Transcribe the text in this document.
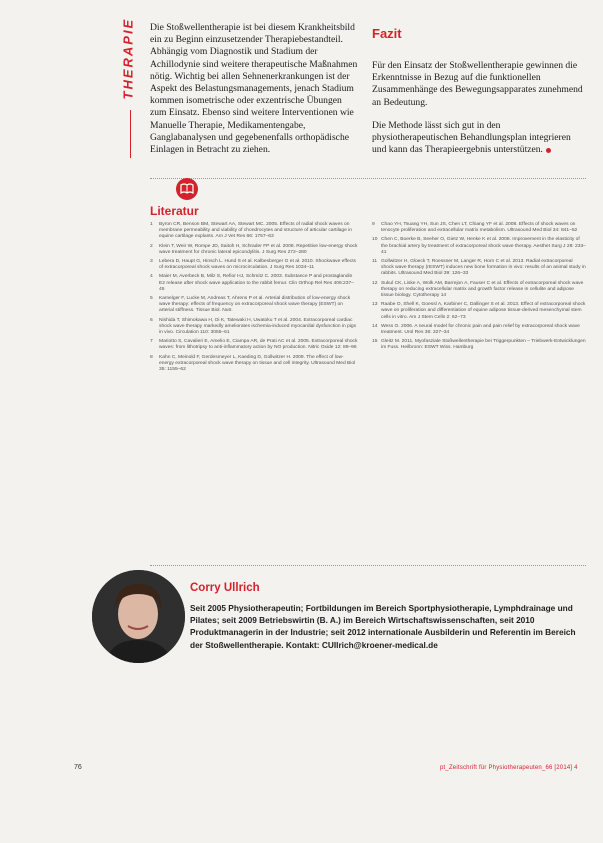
THERAPIE Die Stoßwellentherapie ist bei diesem Krankheitsbild ein zu Beginn einzusetzender Therapiebestandteil. Abhängig vom Diagnostik und Stadium der Achillodynie sind weitere therapeutische Maßnahmen nötig. Wichtig bei allen Sehnenerkrankungen ist der Aspekt des Belastungsmanagements, jenach Stadium kommen isometrische oder exzentrische Übungen zum Einsatz. Ebenso sind weitere Interventionen wie Manuelle Therapie, Medikamentengabe, Ganglabanalysen und gegebenenfalls orthopädische Einlagen in Betracht zu ziehen.
Fazit

Für den Einsatz der Stoßwellentherapie gewinnen die Erkenntnisse in Bezug auf die funktionellen Zusammenhänge des Bewegungsapparates zunehmend an Bedeutung.

Die Methode lässt sich gut in den physiotherapeutischen Behandlungsplan integrieren und kann das Therapieergebnis unterstützen.

Literatur
1	Byron CR, Benson BM, Stewart AA, Stewart MC. 2005. Effects of radial shock waves on membrane permeability and viability of chondrocytes and structure of articular cartilage in equine cartilage explants. Am J Vet Res 66: 1757–63
2	Klein T, Weir W, Rompe JD, Saitoh H, Schrader FP et al. 2008. Repetitive low-energy shock wave treatment for chronic lateral epicondylitis. J Surg Res 272–280
3	Lebera D, Haupt G, Hinsch L. Hund S et al. Kalbesberger G et al. 2010. Shockwave effects of extracorporeal shock waves on microcirculation. J Surg Res 1034–11
4	Maier M, Averbeck B, Milz S, Refior HJ, Schmitz C. 2003. Substance P and prostaglandin E2 release after shock wave application to the rabbit femur. Clin Orthop Rel Res 406:237–45
5	Kamelger F, Lucke M, Andreas T, Ahrens P et al. Arterial distribution of low-energy shock wave therapy: effects of frequency on extracorporeal shock wave therapy (ESWT) on arterial stiffness. Tissue Biol. Nutr.
6	Nishida T, Shimokawa H, Oi K, Tatewaki H, Uwatoku T et al. 2004. Extracorporeal cardiac shock wave therapy markedly ameliorates ischemia-induced myocardial dysfunction in pigs in vivo. Circulation 110: 3055–61
7	Mariotto S, Cavalieri E, Amelio E, Ciampa AR, de Prati AC et al. 2005. Extracorporeal shock waves: from lithotripsy to anti-inflammatory action by NO production. Nitric Oxide 12: 89–96
8	Kahn C, Meinold F, Gerdesmeyer L, Kaeding D, Gollwitzer H. 2009. The effect of low-energy extracorporeal shock wave therapy on tissue and cell integrity. Ultrasound Med Biol 35: 1155–62
9	Chao YH, Tsuang YH, Sun JS, Chen LT, Chiang YF et al. 2008. Effects of shock waves on tenocyte proliferation and extracellular matrix metabolism. Ultrasound Med Biol 34: 841–52
10 Chen C, Boerke B, Seeher O, Gietz W, Henke K et al. 2008. Improvement in the elasticity of the brachial artery by treatment of extracorporeal shock wave therapy. Aesthet Surg J 28: 233–41
11 Gollwitzer H, Gloeck T, Roessner M, Langer R, Horn C et al. 2013. Radial extracorporeal shock wave therapy (rESWT) induces new bone formation in vivo: results of an animal study in rabbits. Ultrasound Med Biol 39: 126–33
12 Sukul CK, Liske A, Wolk AM, Barrejon A, Fauser C et al. Effects of extracorporeal shock wave therapy on reducing extracellular matrix and growth factor release in cellulite and adipose tissue biology. Cytotherapy 14
13 Raabe O, Shell K, Goessl A, Karbiner C, Dallinger S et al. 2013. Effect of extracorporeal shock wave on proliferation and differentiation of equine adipose tissue-derived mesenchymal stem cells in vitro. Am J Stem Cells 2: 62–73
14 Wess O. 2006. A neural model for chronic pain and pain relief by extracorporeal shock wave treatment. Urol Res 36: 327–34
15 Gleitz M. 2011. Myofasziale Stoßwellentherapie bei Triggerpunkten – Triebwerk-Entwicklungen im Fuss. Heilbronn: ESWT Wiss. Hamburg
Corry Ullrich
Seit 2005 Physiotherapeutin; Fortbildungen im Bereich Sportphysiotherapie, Lymphdrainage und Pilates; seit 2009 Betriebswirtin (B. A.) im Bereich Wirtschaftswissenschaften, seit 2010 Produktmanagerin in der Industrie; seit 2012 internationale Ausbilderin und Referentin im Bereich der Stoßwellentherapie. Kontakt: CUllrich@kroener-medical.de
76	pt_Zeitschrift für Physiotherapeuten_66 [2014] 4
